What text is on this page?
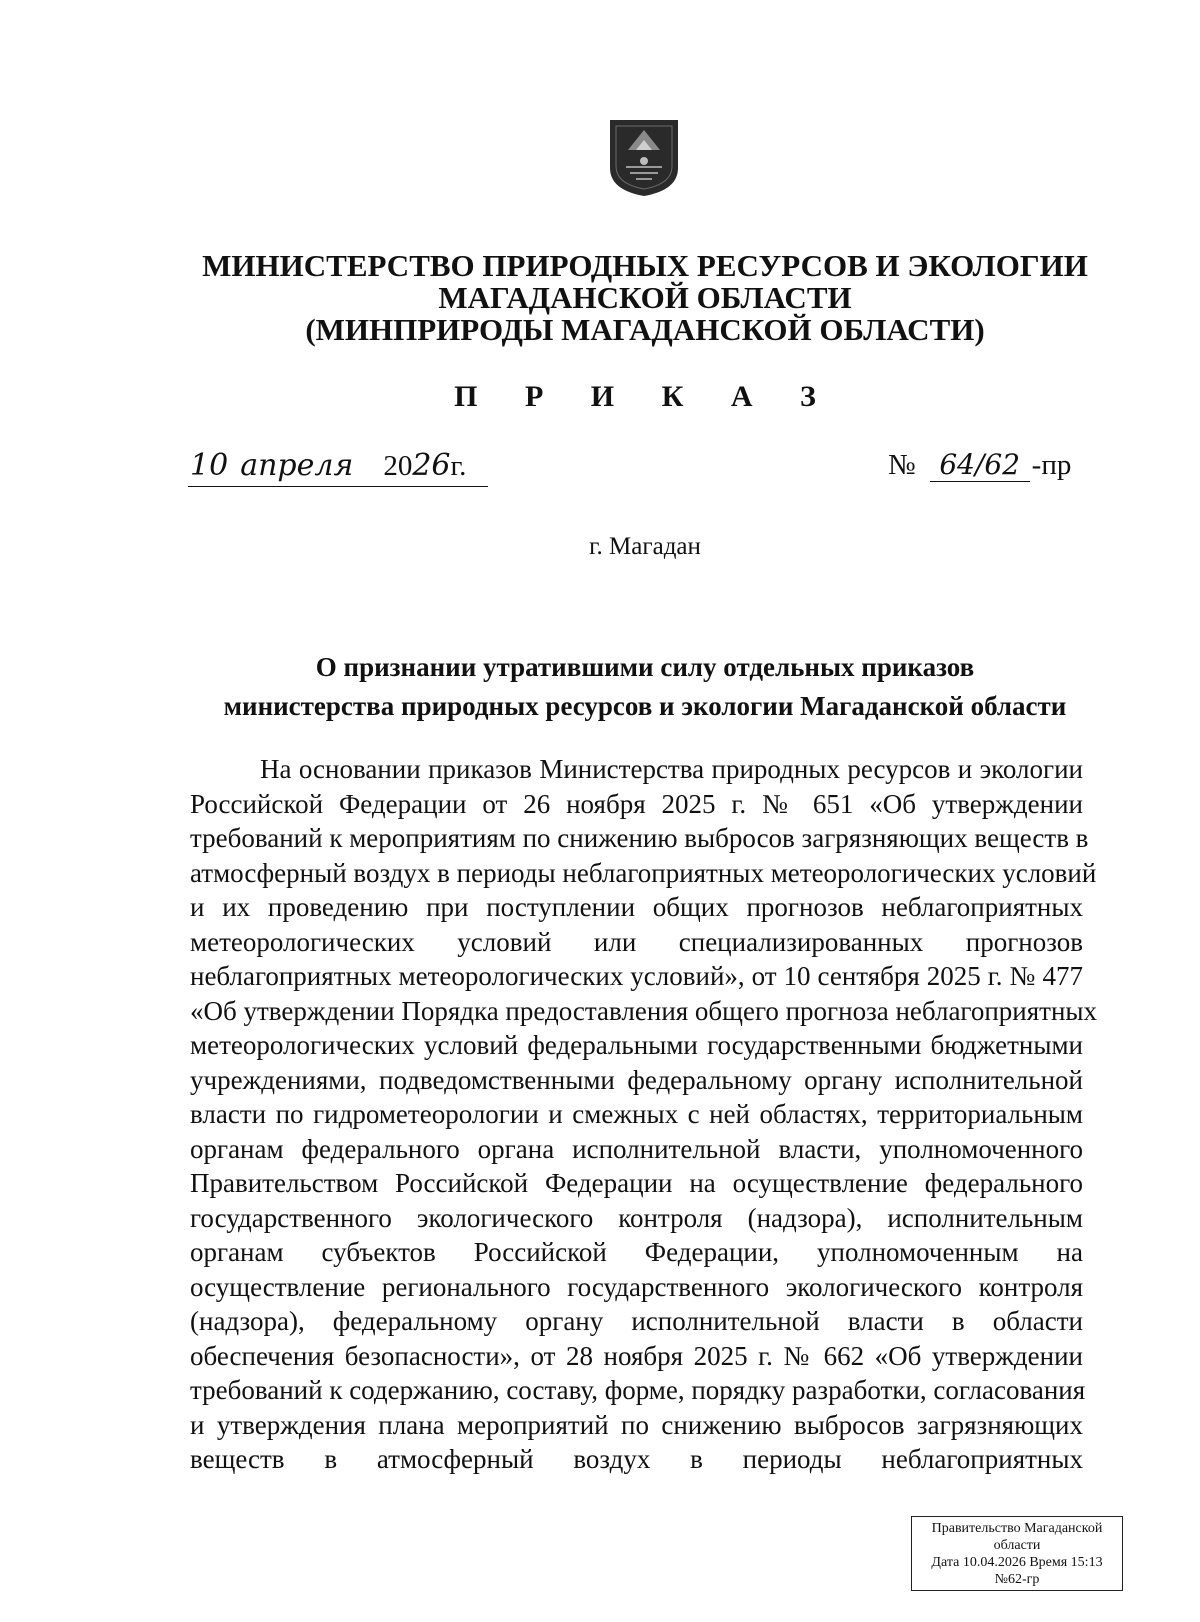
МИНИСТЕРСТВО ПРИРОДНЫХ РЕСУРСОВ И ЭКОЛОГИИ
МАГАДАНСКОЙ ОБЛАСТИ
(МИНПРИРОДЫ МАГАДАНСКОЙ ОБЛАСТИ)
П Р И К А З
10 апреля 2026г.	№ 64/62 -пр
г. Магадан
О признании утратившими силу отдельных приказов
министерства природных ресурсов и экологии Магаданской области
На основании приказов Министерства природных ресурсов и экологии
Российской Федерации от 26 ноября 2025 г. № 651 «Об утверждении
требований к мероприятиям по снижению выбросов загрязняющих веществ в
атмосферный воздух в периоды неблагоприятных метеорологических условий
и их проведению при поступлении общих прогнозов неблагоприятных
метеорологических условий или специализированных прогнозов
неблагоприятных метеорологических условий», от 10 сентября 2025 г. № 477
«Об утверждении Порядка предоставления общего прогноза неблагоприятных
метеорологических условий федеральными государственными бюджетными
учреждениями, подведомственными федеральному органу исполнительной
власти по гидрометеорологии и смежных с ней областях, территориальным
органам федерального органа исполнительной власти, уполномоченного
Правительством Российской Федерации на осуществление федерального
государственного экологического контроля (надзора), исполнительным
органам субъектов Российской Федерации, уполномоченным на
осуществление регионального государственного экологического контроля
(надзора), федеральному органу исполнительной власти в области
обеспечения безопасности», от 28 ноября 2025 г. № 662 «Об утверждении
требований к содержанию, составу, форме, порядку разработки, согласования
и утверждения плана мероприятий по снижению выбросов загрязняющих
веществ в атмосферный воздух в периоды неблагоприятных
Правительство Магаданской
области
Дата 10.04.2026 Время 15:13
№62-гр
